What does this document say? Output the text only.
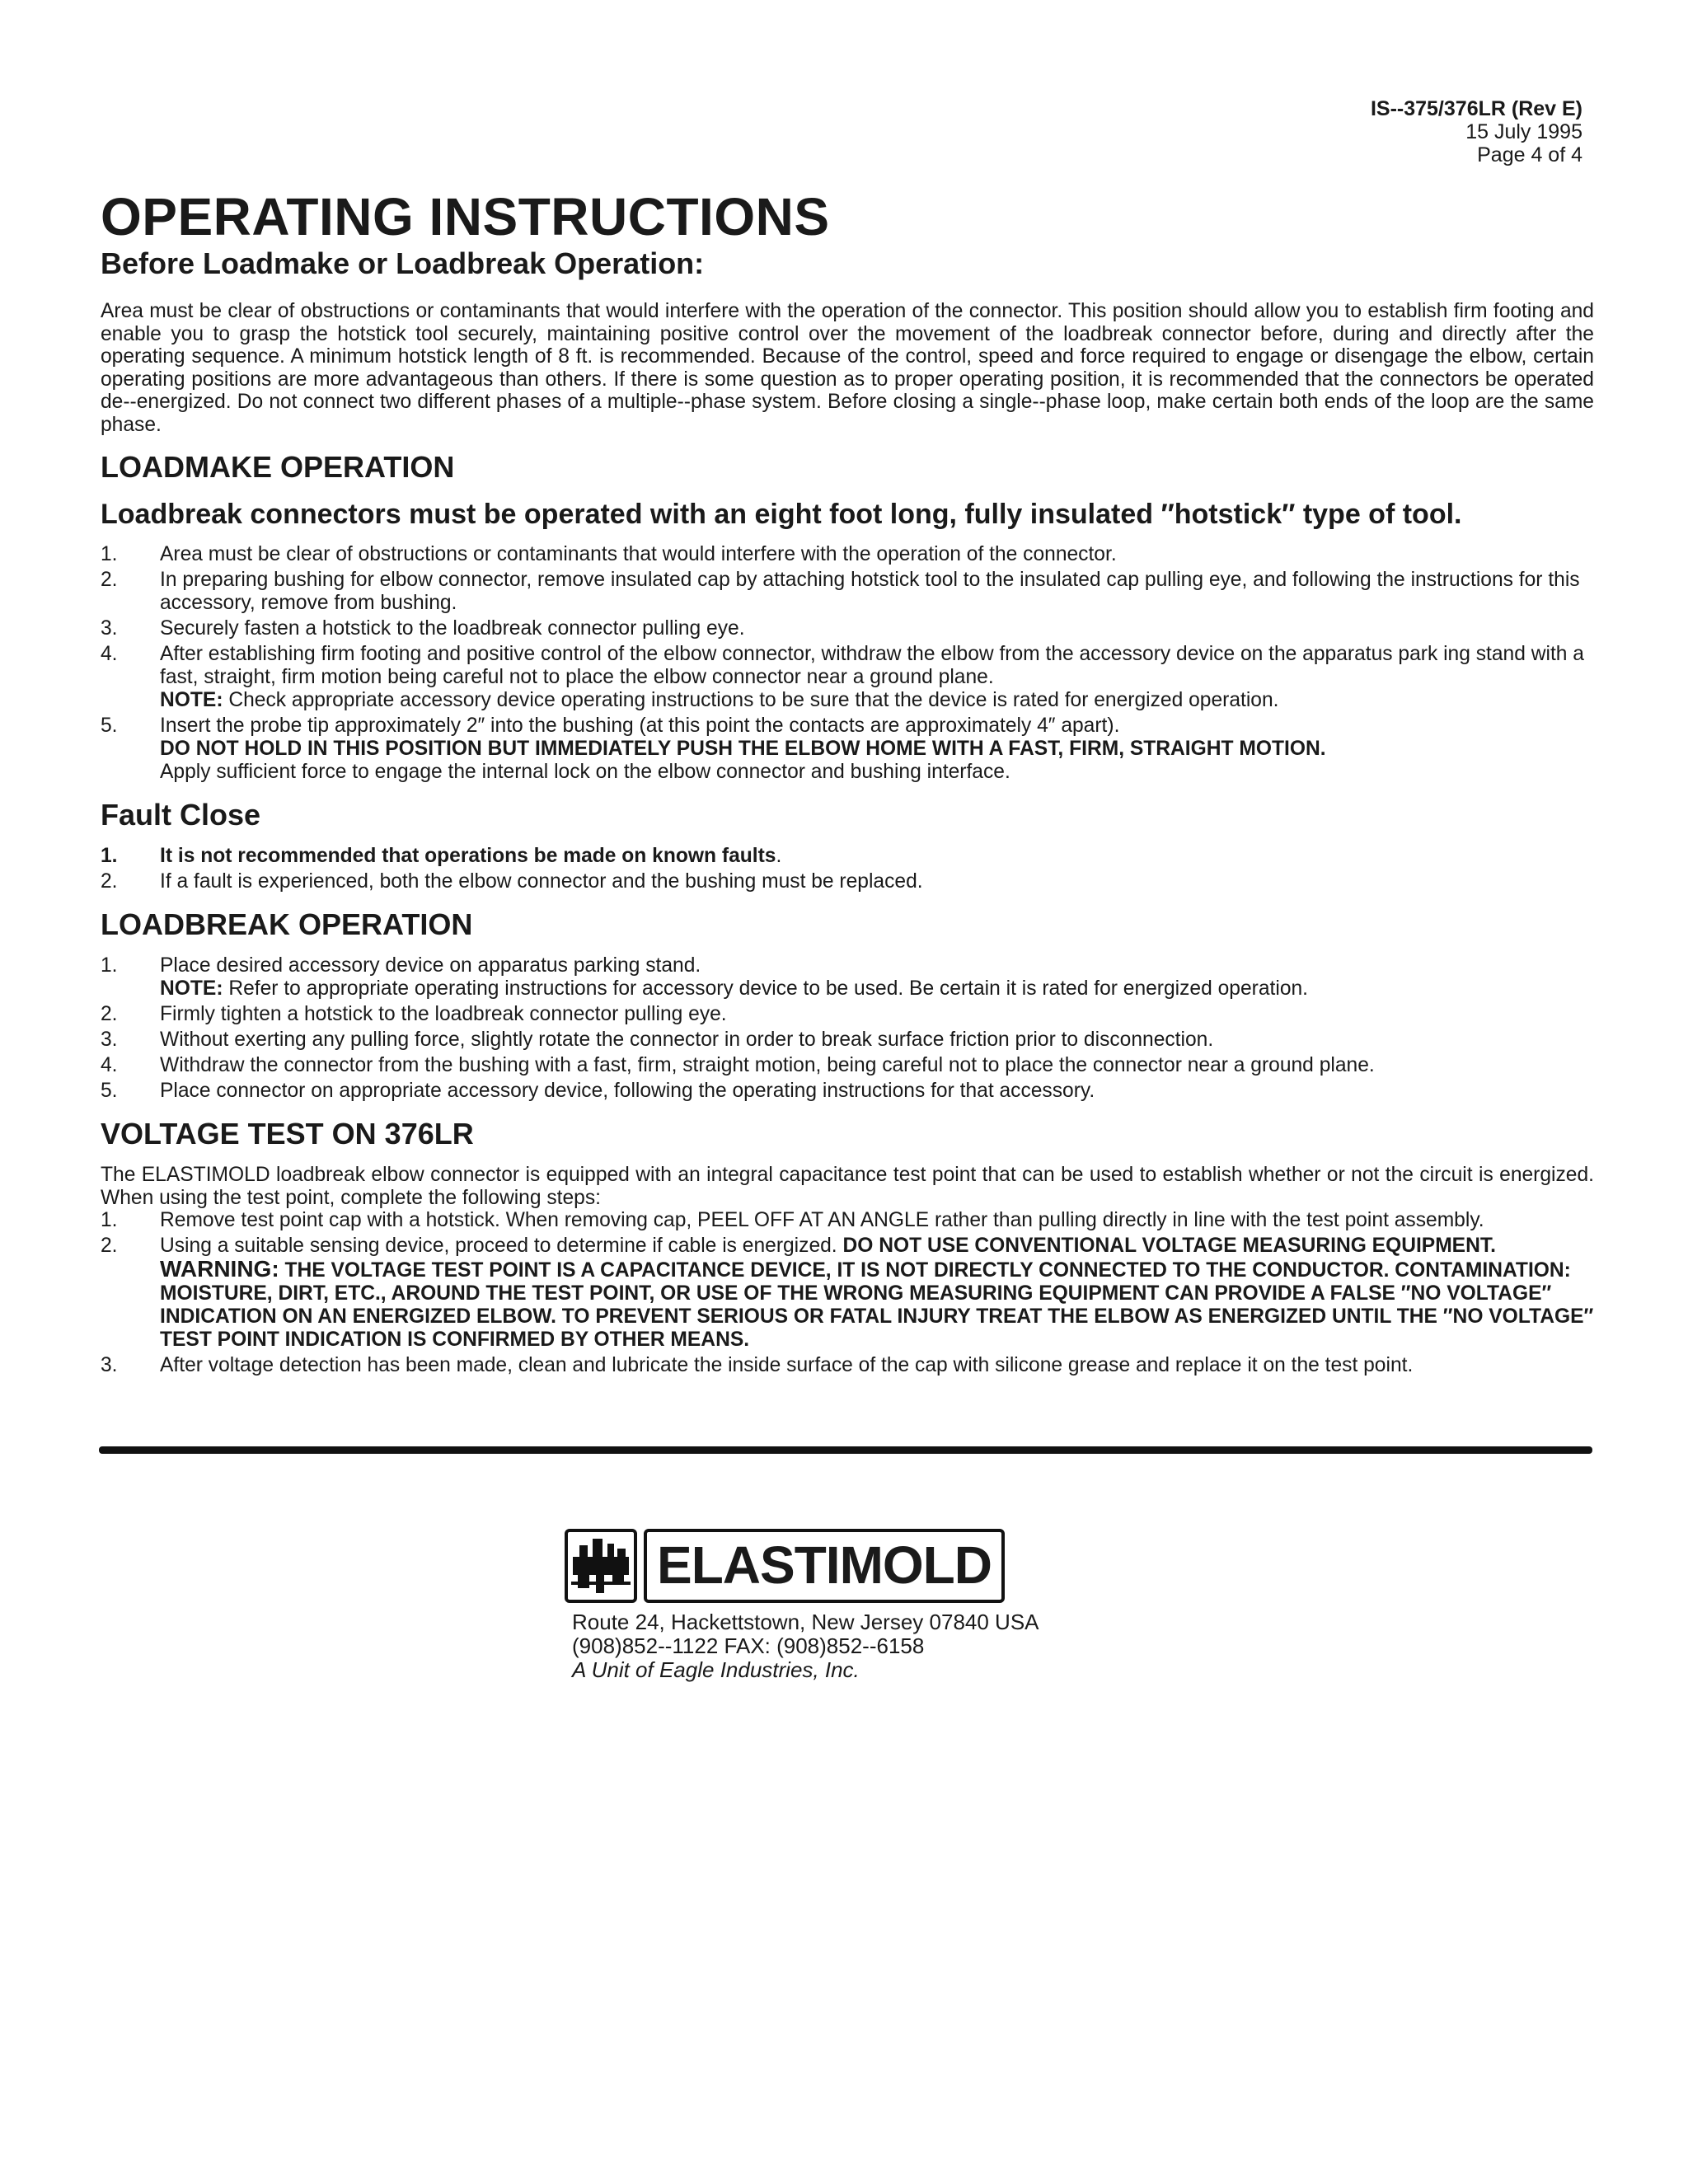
IS--375/376LR (Rev E)
15 July 1995
Page 4 of 4
OPERATING INSTRUCTIONS
Before Loadmake or Loadbreak Operation:

Area must be clear of obstructions or contaminants that would interfere with the operation of the connector. This position should allow you to establish firm footing and enable you to grasp the hotstick tool securely, maintaining positive control over the movement of the loadbreak connector before, during and directly after the operating sequence. A minimum hotstick length of 8 ft. is recommended. Because of the control, speed and force required to engage or disengage the elbow, certain operating positions are more advantageous than others. If there is some question as to proper operating position, it is recommended that the connectors be operated de--energized. Do not connect two different phases of a multiple--phase system. Before closing a single--phase loop, make certain both ends of the loop are the same phase.

LOADMAKE OPERATION
Loadbreak connectors must be operated with an eight foot long, fully insulated ″hotstick″ type of tool.
1. Area must be clear of obstructions or contaminants that would interfere with the operation of the connector.
2. In preparing bushing for elbow connector, remove insulated cap by attaching hotstick tool to the insulated cap pulling eye, and following the instructions for this accessory, remove from bushing.
3. Securely fasten a hotstick to the loadbreak connector pulling eye.
4. After establishing firm footing and positive control of the elbow connector, withdraw the elbow from the accessory device on the apparatus park ing stand with a fast, straight, firm motion being careful not to place the elbow connector near a ground plane.
NOTE: Check appropriate accessory device operating instructions to be sure that the device is rated for energized operation.
5. Insert the probe tip approximately 2″ into the bushing (at this point the contacts are approximately 4″ apart).
DO NOT HOLD IN THIS POSITION BUT IMMEDIATELY PUSH THE ELBOW HOME WITH A FAST, FIRM, STRAIGHT MOTION.
Apply sufficient force to engage the internal lock on the elbow connector and bushing interface.
Fault Close
1. It is not recommended that operations be made on known faults.
2. If a fault is experienced, both the elbow connector and the bushing must be replaced.
LOADBREAK OPERATION
1. Place desired accessory device on apparatus parking stand.
NOTE: Refer to appropriate operating instructions for accessory device to be used. Be certain it is rated for energized operation.
2. Firmly tighten a hotstick to the loadbreak connector pulling eye.
3. Without exerting any pulling force, slightly rotate the connector in order to break surface friction prior to disconnection.
4. Withdraw the connector from the bushing with a fast, firm, straight motion, being careful not to place the connector near a ground plane.
5. Place connector on appropriate accessory device, following the operating instructions for that accessory.
VOLTAGE TEST ON 376LR

The ELASTIMOLD loadbreak elbow connector is equipped with an integral capacitance test point that can be used to establish whether or not the circuit is energized. When using the test point, complete the following steps:

1. Remove test point cap with a hotstick. When removing cap, PEEL OFF AT AN ANGLE rather than pulling directly in line with the test point assembly.
2. Using a suitable sensing device, proceed to determine if cable is energized. DO NOT USE CONVENTIONAL VOLTAGE MEASURING EQUIPMENT.
WARNING: THE VOLTAGE TEST POINT IS A CAPACITANCE DEVICE, IT IS NOT DIRECTLY CONNECTED TO THE CONDUCTOR. CONTAMINATION: MOISTURE, DIRT, ETC., AROUND THE TEST POINT, OR USE OF THE WRONG MEASURING EQUIPMENT CAN PROVIDE A FALSE ″NO VOLTAGE″ INDICATION ON AN ENERGIZED ELBOW. TO PREVENT SERIOUS OR FATAL INJURY TREAT THE ELBOW AS ENERGIZED UNTIL THE ″NO VOLTAGE″ TEST POINT INDICATION IS CONFIRMED BY OTHER MEANS.
3. After voltage detection has been made, clean and lubricate the inside surface of the cap with silicone grease and replace it on the test point.
ELASTIMOLD
Route 24, Hackettstown, New Jersey 07840 USA
(908)852--1122 FAX: (908)852--6158
A Unit of Eagle Industries, Inc.
